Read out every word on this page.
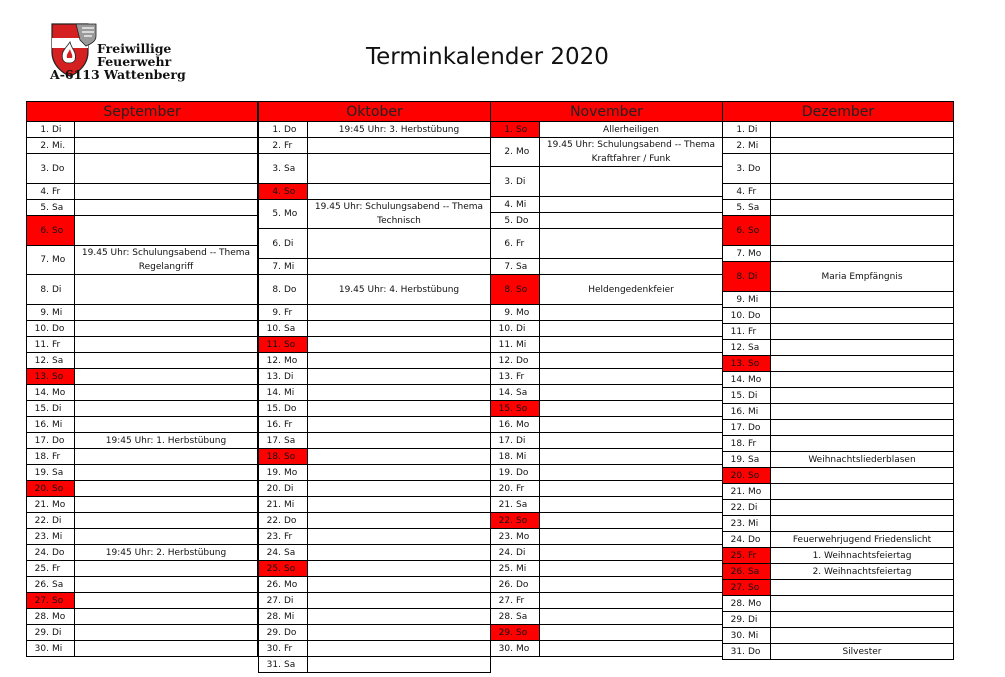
Freiwillige
Feuerwehr
A-6113 Wattenberg
Terminkalender 2020
September	
1. Di	
2. Mi.	
3. Do	
4. Fr	
5. Sa	
6. So	
7. Mo	19.45 Uhr: Schulungsabend -- Thema Regelangriff
8. Di	
9. Mi	
10. Do	
11. Fr	
12. Sa	
13. So	
14. Mo	
15. Di	
16. Mi	
17. Do	19:45 Uhr: 1. Herbstübung
18. Fr	
19. Sa	
20. So	
21. Mo	
22. Di	
23. Mi	
24. Do	19:45 Uhr: 2. Herbstübung
25. Fr	
26. Sa	
27. So	
28. Mo	
29. Di	
30. Mi	
Oktober	
1. Do	19:45 Uhr: 3. Herbstübung
2. Fr	
3. Sa	
4. So	
5. Mo	19.45 Uhr: Schulungsabend -- Thema Technisch
6. Di	
7. Mi	
8. Do	19.45 Uhr: 4. Herbstübung
9. Fr	
10. Sa	
11. So	
12. Mo	
13. Di	
14. Mi	
15. Do	
16. Fr	
17. Sa	
18. So	
19. Mo	
20. Di	
21. Mi	
22. Do	
23. Fr	
24. Sa	
25. So	
26. Mo	
27. Di	
28. Mi	
29. Do	
30. Fr	
31. Sa	
November	
1. So	Allerheiligen
2. Mo	19.45 Uhr: Schulungsabend -- Thema Kraftfahrer / Funk
3. Di	
4. Mi	
5. Do	
6. Fr	
7. Sa	
8. So	Heldengedenkfeier
9. Mo	
10. Di	
11. Mi	
12. Do	
13. Fr	
14. Sa	
15. So	
16. Mo	
17. Di	
18. Mi	
19. Do	
20. Fr	
21. Sa	
22. So	
23. Mo	
24. Di	
25. Mi	
26. Do	
27. Fr	
28. Sa	
29. So	
30. Mo	
Dezember	
1. Di	
2. Mi	
3. Do	
4. Fr	
5. Sa	
6. So	
7. Mo	
8. Di	Maria Empfängnis
9. Mi	
10. Do	
11. Fr	
12. Sa	
13. So	
14. Mo	
15. Di	
16. Mi	
17. Do	
18. Fr	
19. Sa	Weihnachtsliederblasen
20. So	
21. Mo	
22. Di	
23. Mi	
24. Do	Feuerwehrjugend Friedenslicht
25. Fr	1. Weihnachtsfeiertag
26. Sa	2. Weihnachtsfeiertag
27. So	
28. Mo	
29. Di	
30. Mi	
31. Do	Silvester
